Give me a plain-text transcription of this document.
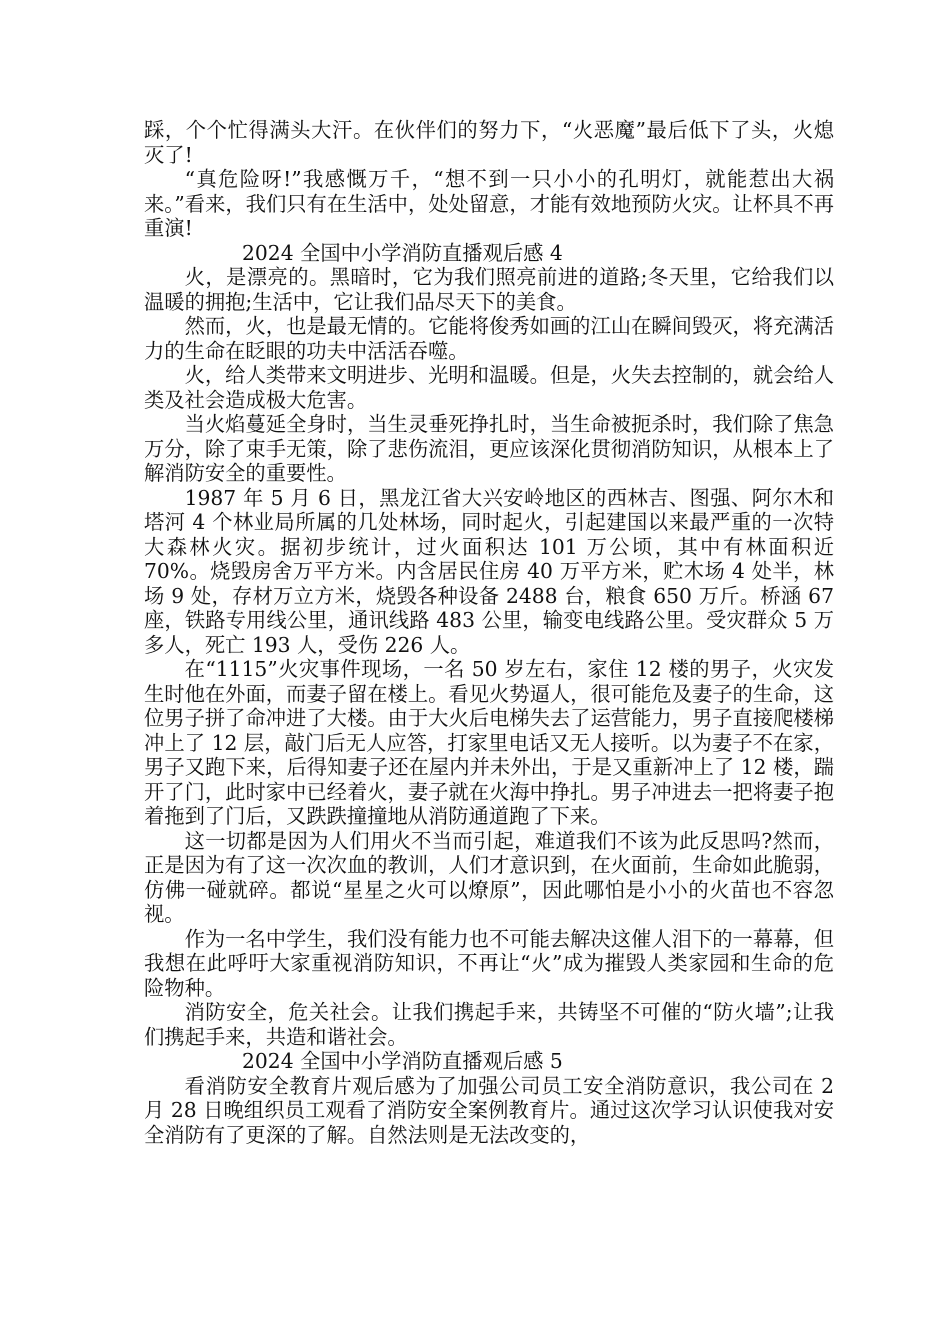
踩，个个忙得满头大汗。在伙伴们的努力下，“火恶魔”最后低下了头，火熄灭了!

“真危险呀!”我感慨万千，“想不到一只小小的孔明灯，就能惹出大祸来。”看来，我们只有在生活中，处处留意，才能有效地预防火灾。让杯具不再重演!

2024 全国中小学消防直播观后感 4

火，是漂亮的。黑暗时，它为我们照亮前进的道路;冬天里，它给我们以温暖的拥抱;生活中，它让我们品尽天下的美食。

然而，火，也是最无情的。它能将俊秀如画的江山在瞬间毁灭，将充满活力的生命在眨眼的功夫中活活吞噬。

火，给人类带来文明进步、光明和温暖。但是，火失去控制的，就会给人类及社会造成极大危害。

当火焰蔓延全身时，当生灵垂死挣扎时，当生命被扼杀时，我们除了焦急万分，除了束手无策，除了悲伤流泪，更应该深化贯彻消防知识，从根本上了解消防安全的重要性。

1987 年 5 月 6 日，黑龙江省大兴安岭地区的西林吉、图强、阿尔木和塔河 4 个林业局所属的几处林场，同时起火，引起建国以来最严重的一次特大森林火灾。据初步统计，过火面积达 101 万公顷，其中有林面积近 70%。烧毁房舍万平方米。内含居民住房 40 万平方米，贮木场 4 处半，林场 9 处，存材万立方米，烧毁各种设备 2488 台，粮食 650 万斤。桥涵 67 座，铁路专用线公里，通讯线路 483 公里，输变电线路公里。受灾群众 5 万多人，死亡 193 人，受伤 226 人。

在“1115”火灾事件现场，一名 50 岁左右，家住 12 楼的男子，火灾发生时他在外面，而妻子留在楼上。看见火势逼人，很可能危及妻子的生命，这位男子拼了命冲进了大楼。由于大火后电梯失去了运营能力，男子直接爬楼梯冲上了 12 层，敲门后无人应答，打家里电话又无人接听。以为妻子不在家，男子又跑下来，后得知妻子还在屋内并未外出，于是又重新冲上了 12 楼，踹开了门，此时家中已经着火，妻子就在火海中挣扎。男子冲进去一把将妻子抱着拖到了门后，又跌跌撞撞地从消防通道跑了下来。

这一切都是因为人们用火不当而引起，难道我们不该为此反思吗?然而，正是因为有了这一次次血的教训，人们才意识到，在火面前，生命如此脆弱，仿佛一碰就碎。都说“星星之火可以燎原”，因此哪怕是小小的火苗也不容忽视。

作为一名中学生，我们没有能力也不可能去解决这催人泪下的一幕幕，但我想在此呼吁大家重视消防知识，不再让“火”成为摧毁人类家园和生命的危险物种。

消防安全，危关社会。让我们携起手来，共铸坚不可催的“防火墙”;让我们携起手来，共造和谐社会。

2024 全国中小学消防直播观后感 5

看消防安全教育片观后感为了加强公司员工安全消防意识，我公司在 2 月 28 日晚组织员工观看了消防安全案例教育片。通过这次学习认识使我对安全消防有了更深的了解。自然法则是无法改变的，
